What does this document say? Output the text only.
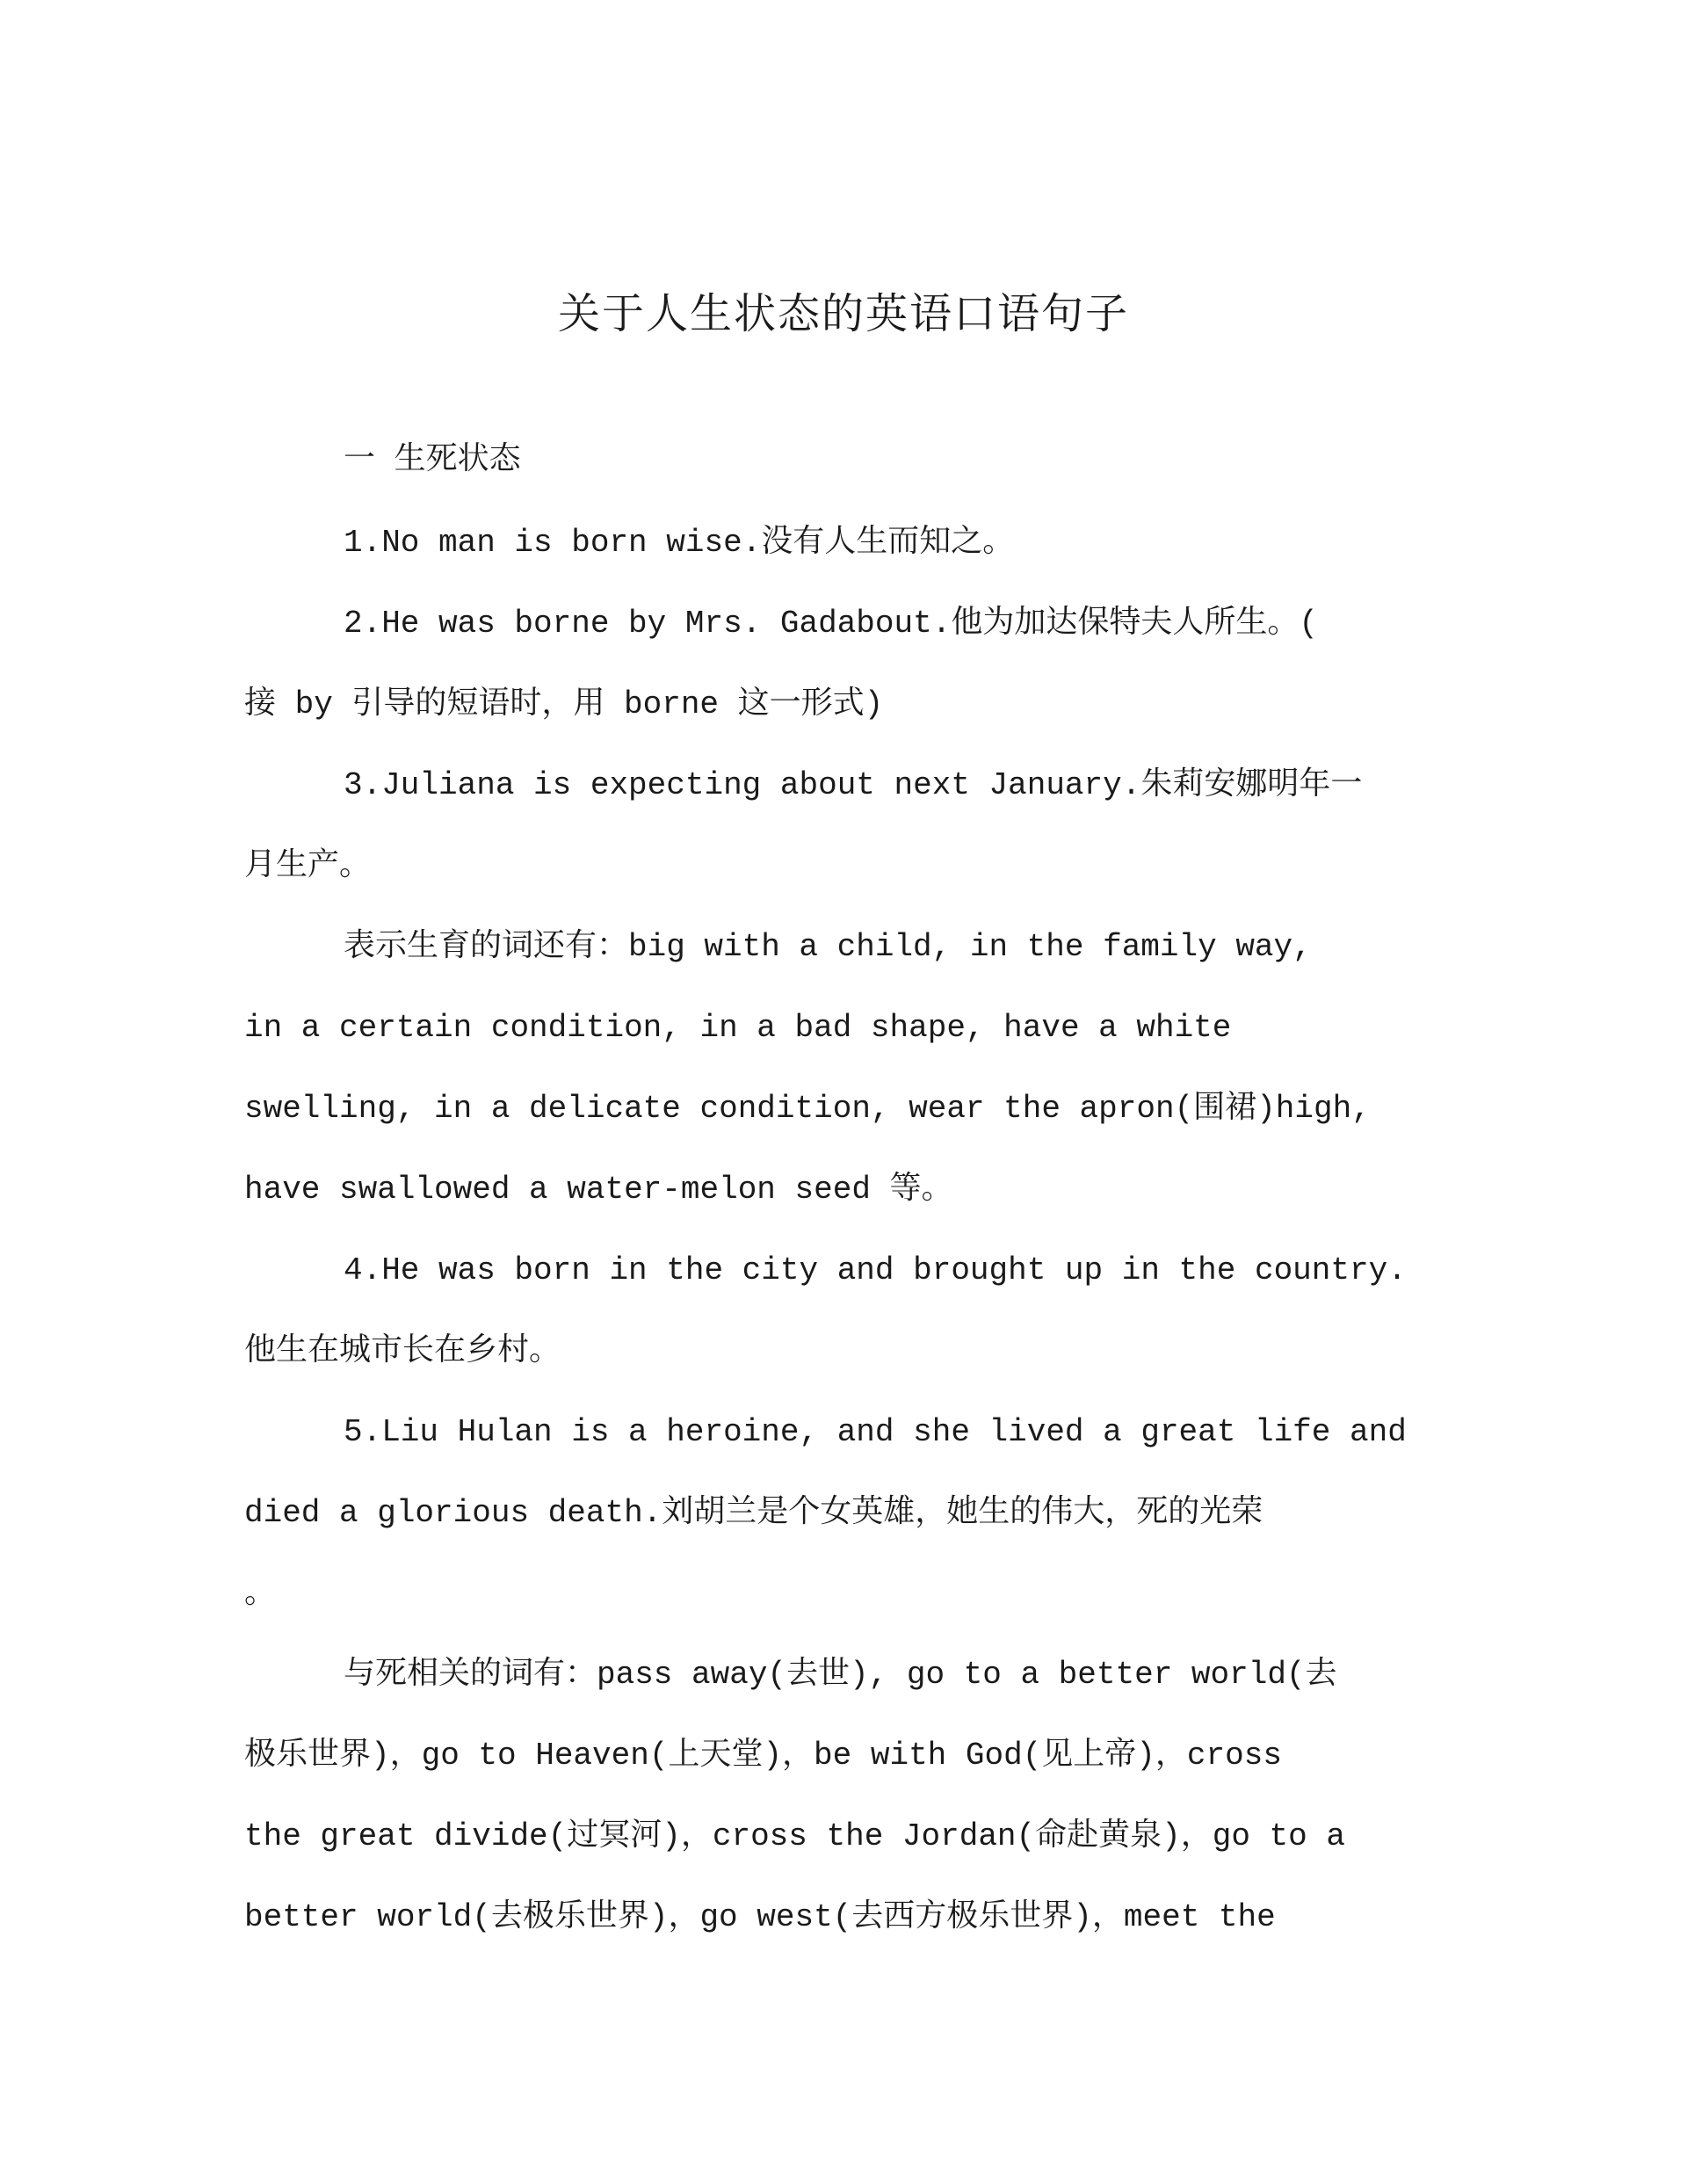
关于人生状态的英语口语句子
一 生死状态
1.No man is born wise.没有人生而知之。
2.He was borne by Mrs. Gadabout.他为加达保特夫人所生。(
接 by 引导的短语时，用 borne 这一形式)
3.Juliana is expecting about next January.朱莉安娜明年一
月生产。
表示生育的词还有：big with a child, in the family way,
in a certain condition, in a bad shape, have a white
swelling, in a delicate condition, wear the apron(围裙)high,
have swallowed a water-melon seed 等。
4.He was born in the city and brought up in the country.
他生在城市长在乡村。
5.Liu Hulan is a heroine, and she lived a great life and
died a glorious death.刘胡兰是个女英雄，她生的伟大，死的光荣
。
与死相关的词有：pass away(去世), go to a better world(去
极乐世界)，go to Heaven(上天堂)，be with God(见上帝)，cross
the great divide(过冥河)，cross the Jordan(命赴黄泉)，go to a
better world(去极乐世界)，go west(去西方极乐世界)，meet the
